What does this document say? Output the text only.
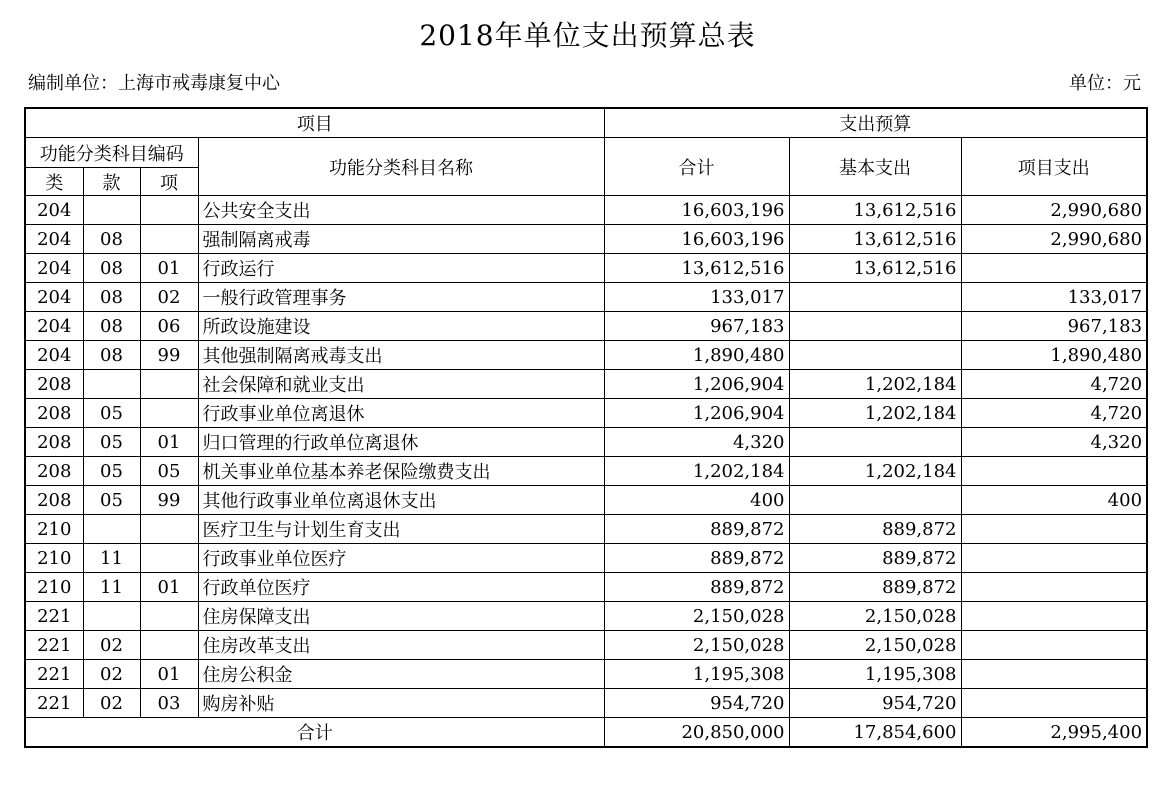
2018年单位支出预算总表
编制单位：上海市戒毒康复中心	单位：元
项目				支出预算		
功能分类科目编码			功能分类科目名称	合计	基本支出	项目支出
类	款	项				
204			公共安全支出	16,603,196	13,612,516	2,990,680
204	08		强制隔离戒毒	16,603,196	13,612,516	2,990,680
204	08	01	行政运行	13,612,516	13,612,516	
204	08	02	一般行政管理事务	133,017		133,017
204	08	06	所政设施建设	967,183		967,183
204	08	99	其他强制隔离戒毒支出	1,890,480		1,890,480
208			社会保障和就业支出	1,206,904	1,202,184	4,720
208	05		行政事业单位离退休	1,206,904	1,202,184	4,720
208	05	01	归口管理的行政单位离退休	4,320		4,320
208	05	05	机关事业单位基本养老保险缴费支出	1,202,184	1,202,184	
208	05	99	其他行政事业单位离退休支出	400		400
210			医疗卫生与计划生育支出	889,872	889,872	
210	11		行政事业单位医疗	889,872	889,872	
210	11	01	行政单位医疗	889,872	889,872	
221			住房保障支出	2,150,028	2,150,028	
221	02		住房改革支出	2,150,028	2,150,028	
221	02	01	住房公积金	1,195,308	1,195,308	
221	02	03	购房补贴	954,720	954,720	
合计				20,850,000	17,854,600	2,995,400
